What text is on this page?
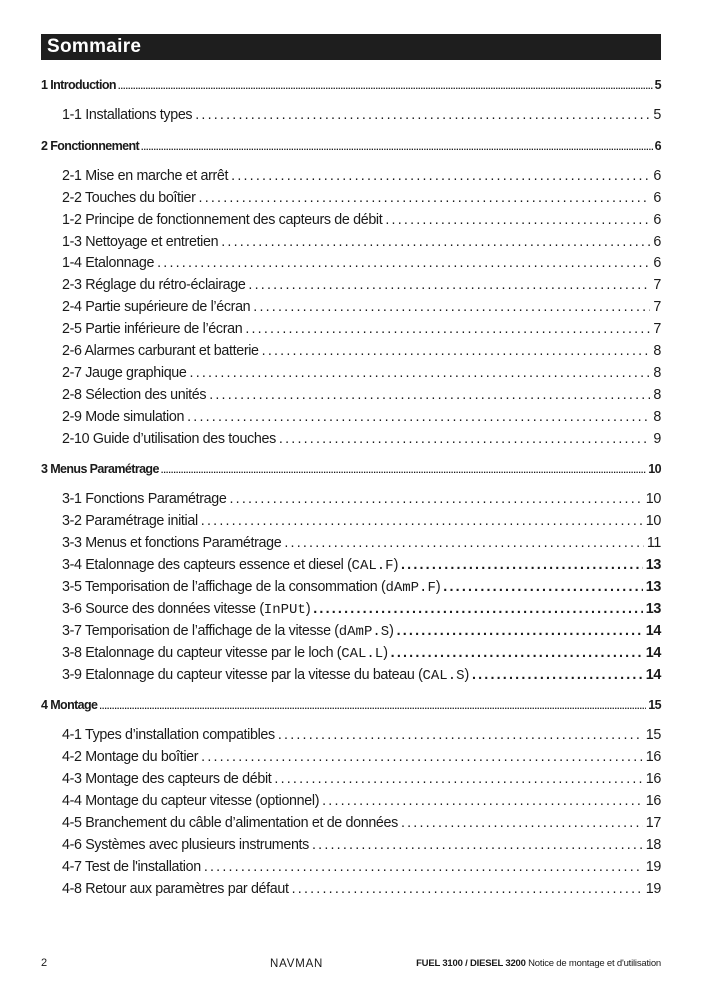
Sommaire
1 Introduction .....	5
1-1 Installations types .....	5
2 Fonctionnement .....	6
2-1 Mise en marche et arrêt .....	6
2-2 Touches du boîtier .....	6
1-2 Principe de fonctionnement des capteurs de débit .....	6
1-3 Nettoyage et entretien .....	6
1-4 Etalonnage .....	6
2-3 Réglage du rétro-éclairage .....	7
2-4 Partie supérieure de l’écran .....	7
2-5 Partie inférieure de l’écran .....	7
2-6 Alarmes carburant et batterie .....	8
2-7 Jauge graphique .....	8
2-8 Sélection des unités .....	8
2-9 Mode simulation .....	8
2-10 Guide d’utilisation des touches .....	9
3 Menus Paramétrage .....	10
3-1 Fonctions Paramétrage .....	10
3-2 Paramétrage initial .....	10
3-3 Menus et fonctions Paramétrage .....	11
3-4 Etalonnage des capteurs essence et diesel (CAL.F) .....	13
3-5 Temporisation de l’affichage de la consommation (dAmP.F) .....	13
3-6 Source des données vitesse (InPUt) .....	13
3-7 Temporisation de l’affichage de la vitesse (dAmP.S) .....	14
3-8 Etalonnage du capteur vitesse par le loch (CAL.L) .....	14
3-9 Etalonnage du capteur vitesse par la vitesse du bateau (CAL.S) .....	14
4 Montage .....	15
4-1 Types d’installation compatibles .....	15
4-2 Montage du boîtier .....	16
4-3 Montage des capteurs de débit .....	16
4-4 Montage du capteur vitesse (optionnel) .....	16
4-5 Branchement du câble d’alimentation et de données .....	17
4-6 Systèmes avec plusieurs instruments .....	18
4-7 Test de l'installation .....	19
4-8 Retour aux paramètres par défaut .....	19
2	NAVMAN	FUEL 3100 / DIESEL 3200 Notice de montage et d'utilisation
